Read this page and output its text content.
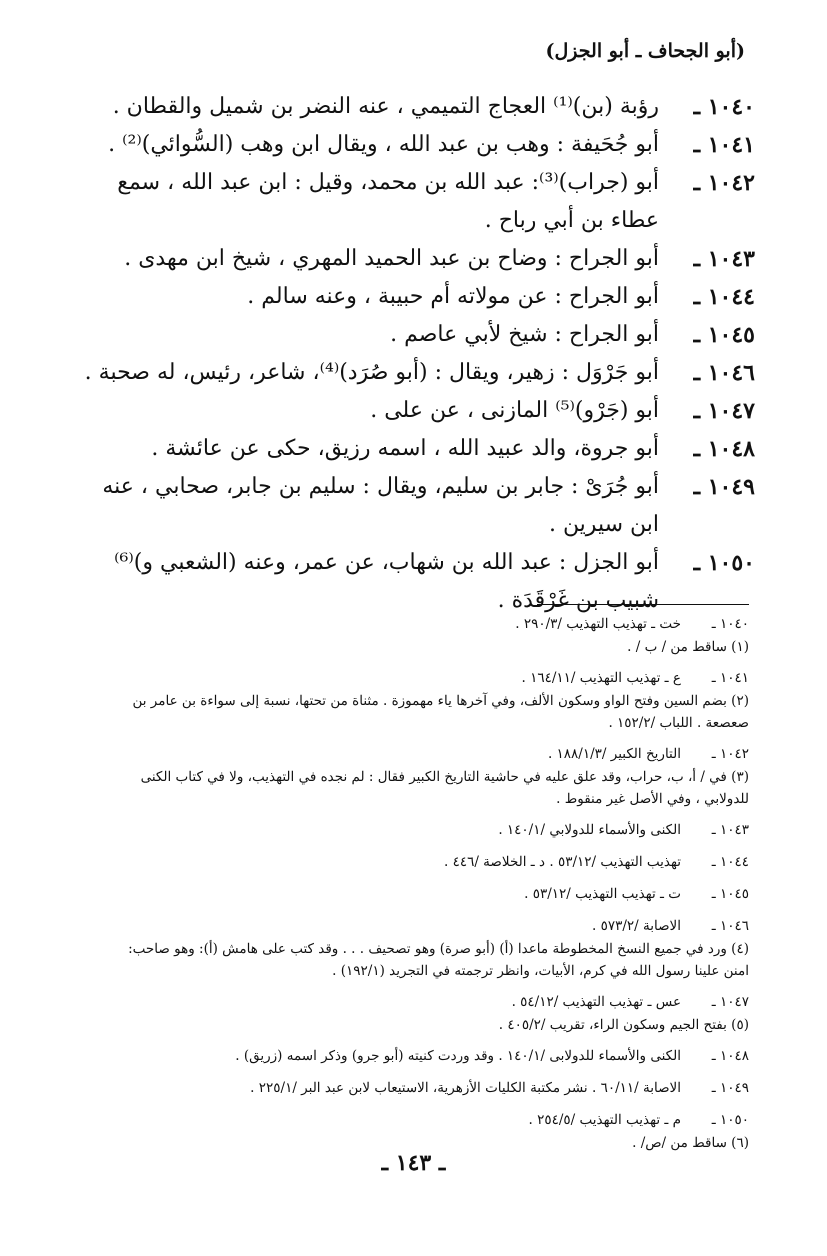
(أبو الجحاف ـ أبو الجزل)
١٠٤٠ ـ
رؤبة (بن)⁽¹⁾ العجاج التميمي ، عنه النضر بن شميل والقطان .
١٠٤١ ـ
أبو جُحَيفة : وهب بن عبد الله ، ويقال ابن وهب (السُّوائي)⁽²⁾ .
١٠٤٢ ـ
أبو (جراب)⁽³⁾: عبد الله بن محمد، وقيل : ابن عبد الله ، سمع عطاء بن أبي رباح .
١٠٤٣ ـ
أبو الجراح : وضاح بن عبد الحميد المهري ، شيخ ابن مهدى .
١٠٤٤ ـ
أبو الجراح : عن مولاته أم حبيبة ، وعنه سالم .
١٠٤٥ ـ
أبو الجراح : شيخ لأبي عاصم .
١٠٤٦ ـ
أبو جَرْوَل : زهير، ويقال : (أبو صُرَد)⁽⁴⁾، شاعر، رئيس، له صحبة .
١٠٤٧ ـ
أبو (جَرْو)⁽⁵⁾ المازنى ، عن على .
١٠٤٨ ـ
أبو جروة، والد عبيد الله ، اسمه رزيق، حكى عن عائشة .
١٠٤٩ ـ
أبو جُرَىْ : جابر بن سليم، ويقال : سليم بن جابر، صحابي ، عنه ابن سيرين .
١٠٥٠ ـ
أبو الجزل : عبد الله بن شهاب، عن عمر، وعنه (الشعبي و)⁽⁶⁾ شبيب بن غَرْقَدَة .
١٠٤٠ ـ
خت ـ تهذيب التهذيب /٢٩٠/٣ .
(١) ساقط من / ب / .
١٠٤١ ـ
ع ـ تهذيب التهذيب /١٦٤/١١ .
(٢) بضم السين وفتح الواو وسكون الألف، وفي آخرها ياء مهموزة . مثناة من تحتها، نسبة إلى سواءة بن عامر بن صعصعة . اللباب /١٥٢/٢ .
١٠٤٢ ـ
التاريخ الكبير /١٨٨/١/٣ .
(٣) في / أ، ب، حراب، وقد علق عليه في حاشية التاريخ الكبير فقال : لم نجده في التهذيب، ولا في كتاب الكنى للدولابي ، وفي الأصل غير منقوط .
١٠٤٣ ـ
الكنى والأسماء للدولابي /١٤٠/١ .
١٠٤٤ ـ
تهذيب التهذيب /٥٣/١٢ . د ـ الخلاصة /٤٤٦ .
١٠٤٥ ـ
ت ـ تهذيب التهذيب /٥٣/١٢ .
١٠٤٦ ـ
الاصابة /٥٧٣/٢ .
(٤) ورد في جميع النسخ المخطوطة ماعدا (أ) (أبو صرة) وهو تصحيف . . . وقد كتب على هامش (أ): وهو صاحب: امنن علينا رسول الله في كرم، الأبيات، وانظر ترجمته في التجريد (١٩٢/١) .
١٠٤٧ ـ
عس ـ تهذيب التهذيب /٥٤/١٢ .
(٥) بفتح الجيم وسكون الراء، تقريب /٤٠٥/٢ .
١٠٤٨ ـ
الكنى والأسماء للدولابى /١٤٠/١ . وقد وردت كنيته (أبو جرو) وذكر اسمه (زريق) .
١٠٤٩ ـ
الاصابة /٦٠/١١ . نشر مكتبة الكليات الأزهرية، الاستيعاب لابن عبد البر /٢٢٥/١ .
١٠٥٠ ـ
م ـ تهذيب التهذيب /٢٥٤/٥ .
(٦) ساقط من /ص/ .
ـ ١٤٣ ـ
